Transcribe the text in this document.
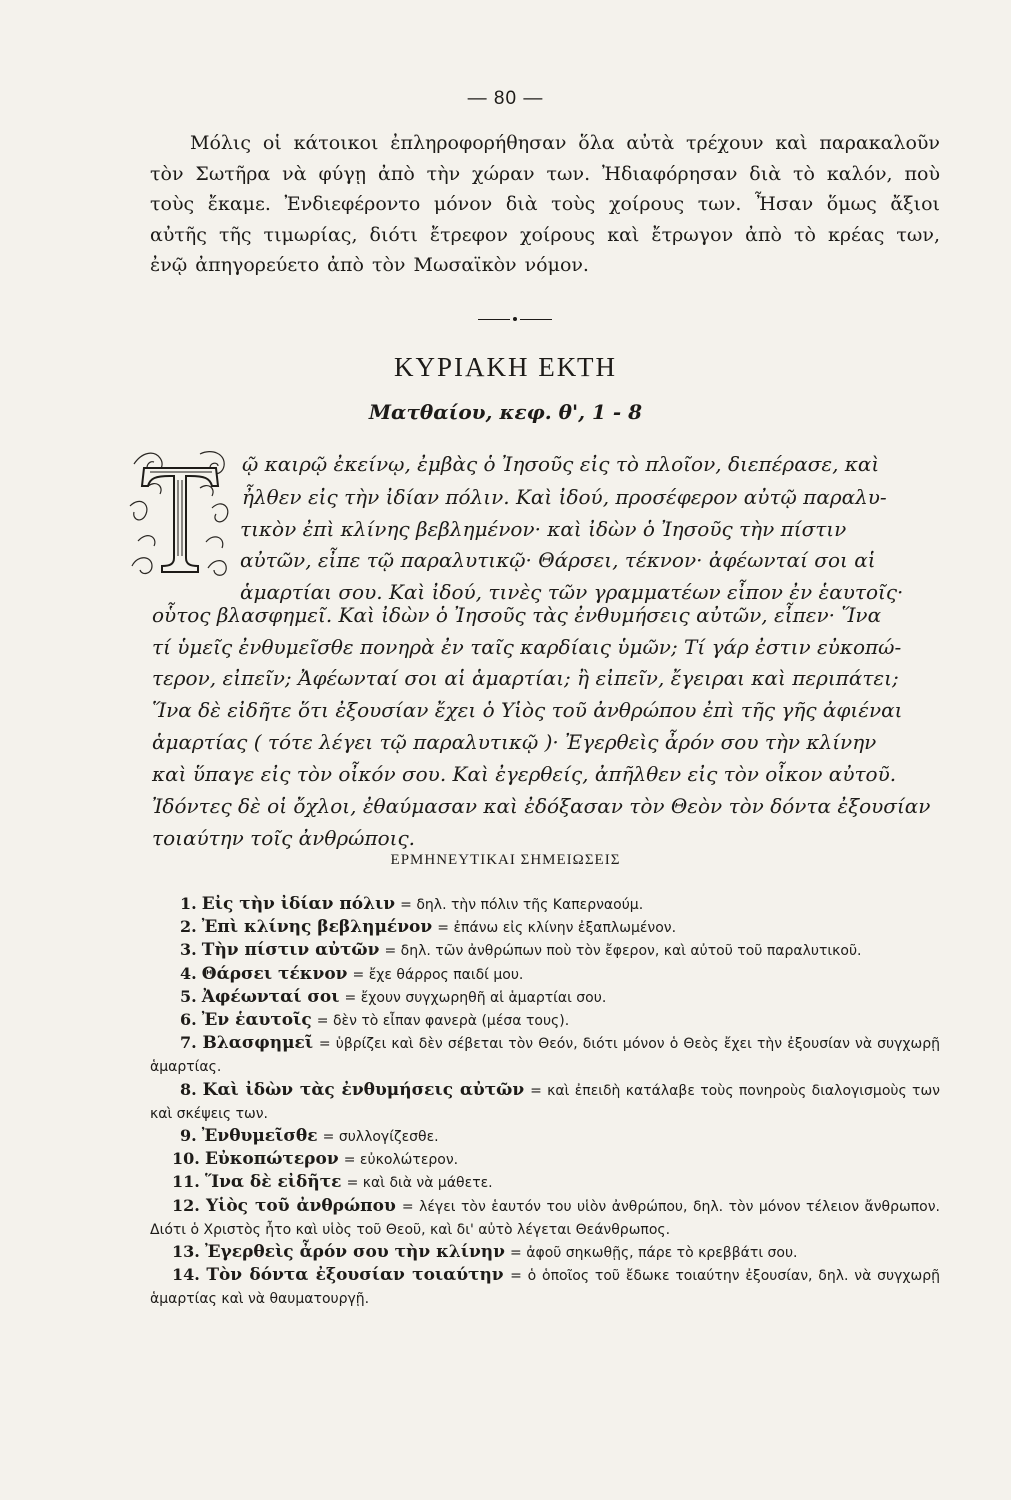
— 80 —
Μόλις οἱ κάτοικοι ἐπληροφορήθησαν ὅλα αὐτὰ τρέχουν καὶ παρακαλοῦν τὸν Σωτῆρα νὰ φύγῃ ἀπὸ τὴν χώραν των. Ἠδιαφόρησαν διὰ τὸ καλόν, ποὺ τοὺς ἔκαμε. Ἐνδιεφέροντο μόνον διὰ τοὺς χοίρους των. Ἦσαν ὅμως ἄξιοι αὐτῆς τῆς τιμωρίας, διότι ἔτρεφον χοίρους καὶ ἔτρωγον ἀπὸ τὸ κρέας των, ἐνῷ ἀπηγορεύετο ἀπὸ τὸν Μωσαϊκὸν νόμον.
ΚΥΡΙΑΚΗ ΕΚΤΗ
Ματθαίου, κεφ. θ', 1 - 8
ῷ καιρῷ ἐκείνῳ, ἐμβὰς ὁ Ἰησοῦς εἰς τὸ πλοῖον, διεπέρασε, καὶ
ἦλθεν εἰς τὴν ἰδίαν πόλιν. Καὶ ἰδού, προσέφερον αὐτῷ παραλυ-
τικὸν ἐπὶ κλίνης βεβλημένον· καὶ ἰδὼν ὁ Ἰησοῦς τὴν πίστιν
αὐτῶν, εἶπε τῷ παραλυτικῷ· Θάρσει, τέκνον· ἀφέωνταί σοι αἱ
ἁμαρτίαι σου. Καὶ ἰδού, τινὲς τῶν γραμματέων εἶπον ἐν ἑαυτοῖς·
οὗτος βλασφημεῖ. Καὶ ἰδὼν ὁ Ἰησοῦς τὰς ἐνθυμήσεις αὐτῶν, εἶπεν· Ἵνα
τί ὑμεῖς ἐνθυμεῖσθε πονηρὰ ἐν ταῖς καρδίαις ὑμῶν; Τί γάρ ἐστιν εὐκοπώ-
τερον, εἰπεῖν; Ἀφέωνταί σοι αἱ ἁμαρτίαι; ἢ εἰπεῖν, ἔγειραι καὶ περιπάτει;
Ἵνα δὲ εἰδῆτε ὅτι ἐξουσίαν ἔχει ὁ Υἱὸς τοῦ ἀνθρώπου ἐπὶ τῆς γῆς ἀφιέναι
ἁμαρτίας ( τότε λέγει τῷ παραλυτικῷ )· Ἐγερθεὶς ἆρόν σου τὴν κλίνην
καὶ ὕπαγε εἰς τὸν οἶκόν σου. Καὶ ἐγερθείς, ἀπῆλθεν εἰς τὸν οἶκον αὐτοῦ.
Ἰδόντες δὲ οἱ ὄχλοι, ἐθαύμασαν καὶ ἐδόξασαν τὸν Θεὸν τὸν δόντα ἐξουσίαν
τοιαύτην τοῖς ἀνθρώποις.
ΕΡΜΗΝΕΥΤΙΚΑΙ ΣΗΜΕΙΩΣΕΙΣ
1. Εἰς τὴν ἰδίαν πόλιν = δηλ. τὴν πόλιν τῆς Καπερναούμ.
2. Ἐπὶ κλίνης βεβλημένον = ἐπάνω εἰς κλίνην ἐξαπλωμένον.
3. Τὴν πίστιν αὐτῶν = δηλ. τῶν ἀνθρώπων ποὺ τὸν ἔφερον, καὶ αὐτοῦ τοῦ παραλυτικοῦ.
4. Θάρσει τέκνον = ἔχε θάρρος παιδί μου.
5. Ἀφέωνταί σοι = ἔχουν συγχωρηθῆ αἱ ἁμαρτίαι σου.
6. Ἐν ἑαυτοῖς = δὲν τὸ εἶπαν φανερὰ (μέσα τους).
7. Βλασφημεῖ = ὑβρίζει καὶ δὲν σέβεται τὸν Θεόν, διότι μόνον ὁ Θεὸς ἔχει τὴν ἐξουσίαν νὰ συγχωρῇ ἁμαρτίας.
8. Καὶ ἰδὼν τὰς ἐνθυμήσεις αὐτῶν = καὶ ἐπειδὴ κατάλαβε τοὺς πονηροὺς διαλογισμοὺς των καὶ σκέψεις των.
9. Ἐνθυμεῖσθε = συλλογίζεσθε.
10. Εὐκοπώτερον = εὐκολώτερον.
11. Ἵνα δὲ εἰδῆτε = καὶ διὰ νὰ μάθετε.
12. Υἱὸς τοῦ ἀνθρώπου = λέγει τὸν ἑαυτόν του υἱὸν ἀνθρώπου, δηλ. τὸν μόνον τέλειον ἄνθρωπον. Διότι ὁ Χριστὸς ἦτο καὶ υἱὸς τοῦ Θεοῦ, καὶ δι' αὐτὸ λέγεται Θεάνθρωπος.
13. Ἐγερθεὶς ἆρόν σου τὴν κλίνην = ἀφοῦ σηκωθῇς, πάρε τὸ κρεββάτι σου.
14. Τὸν δόντα ἐξουσίαν τοιαύτην = ὁ ὁποῖος τοῦ ἔδωκε τοιαύτην ἐξουσίαν, δηλ. νὰ συγχωρῇ ἁμαρτίας καὶ νὰ θαυματουργῇ.
